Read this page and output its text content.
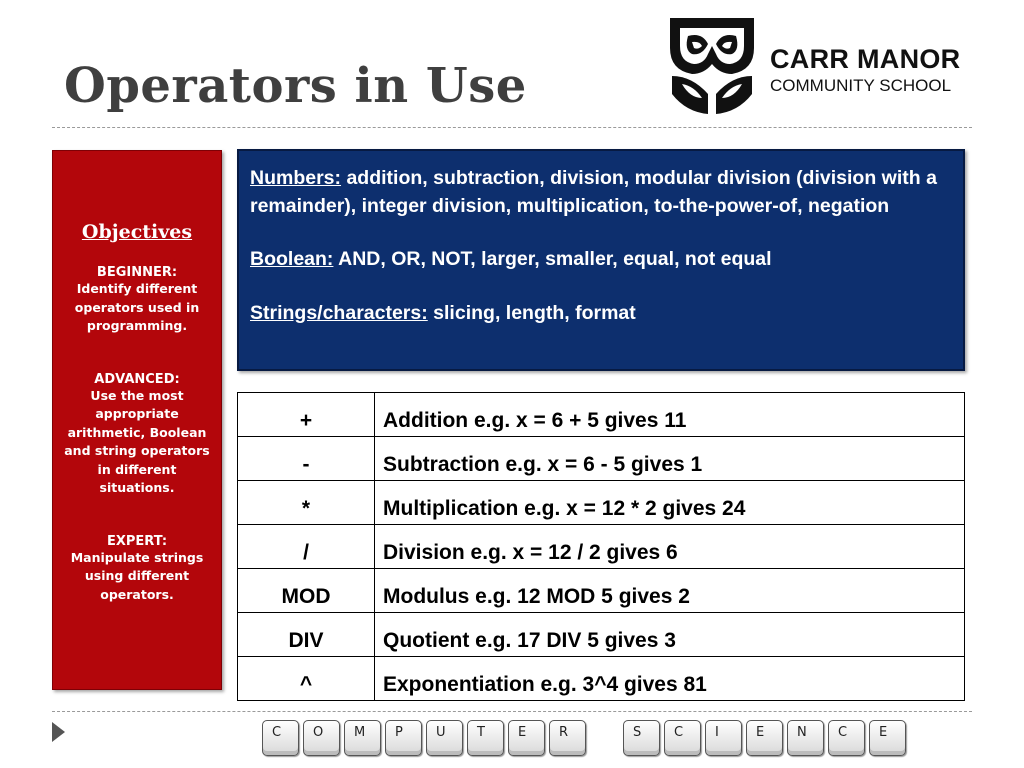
Operators in Use	CARR MANOR
COMMUNITY SCHOOL
Objectives
BEGINNER:
Identify different operators used in programming.
ADVANCED:
Use the most appropriate arithmetic, Boolean and string operators in different situations.
EXPERT:
Manipulate strings using different operators.

Numbers: addition, subtraction, division, modular division (division with a remainder), integer division, multiplication, to-the-power-of, negation

Boolean: AND, OR, NOT, larger, smaller, equal, not equal

Strings/characters: slicing, length, format

+	Addition e.g. x = 6 + 5 gives 11
-	Subtraction e.g. x = 6 - 5 gives 1
*	Multiplication e.g. x = 12 * 2 gives 24
/	Division e.g. x = 12 / 2 gives 6
MOD	Modulus e.g. 12 MOD 5 gives 2
DIV	Quotient e.g. 17 DIV 5 gives 3
^	Exponentiation e.g. 3^4 gives 81
C	O	M	P	U	T	E	R	S	C	I	E	N	C	E
